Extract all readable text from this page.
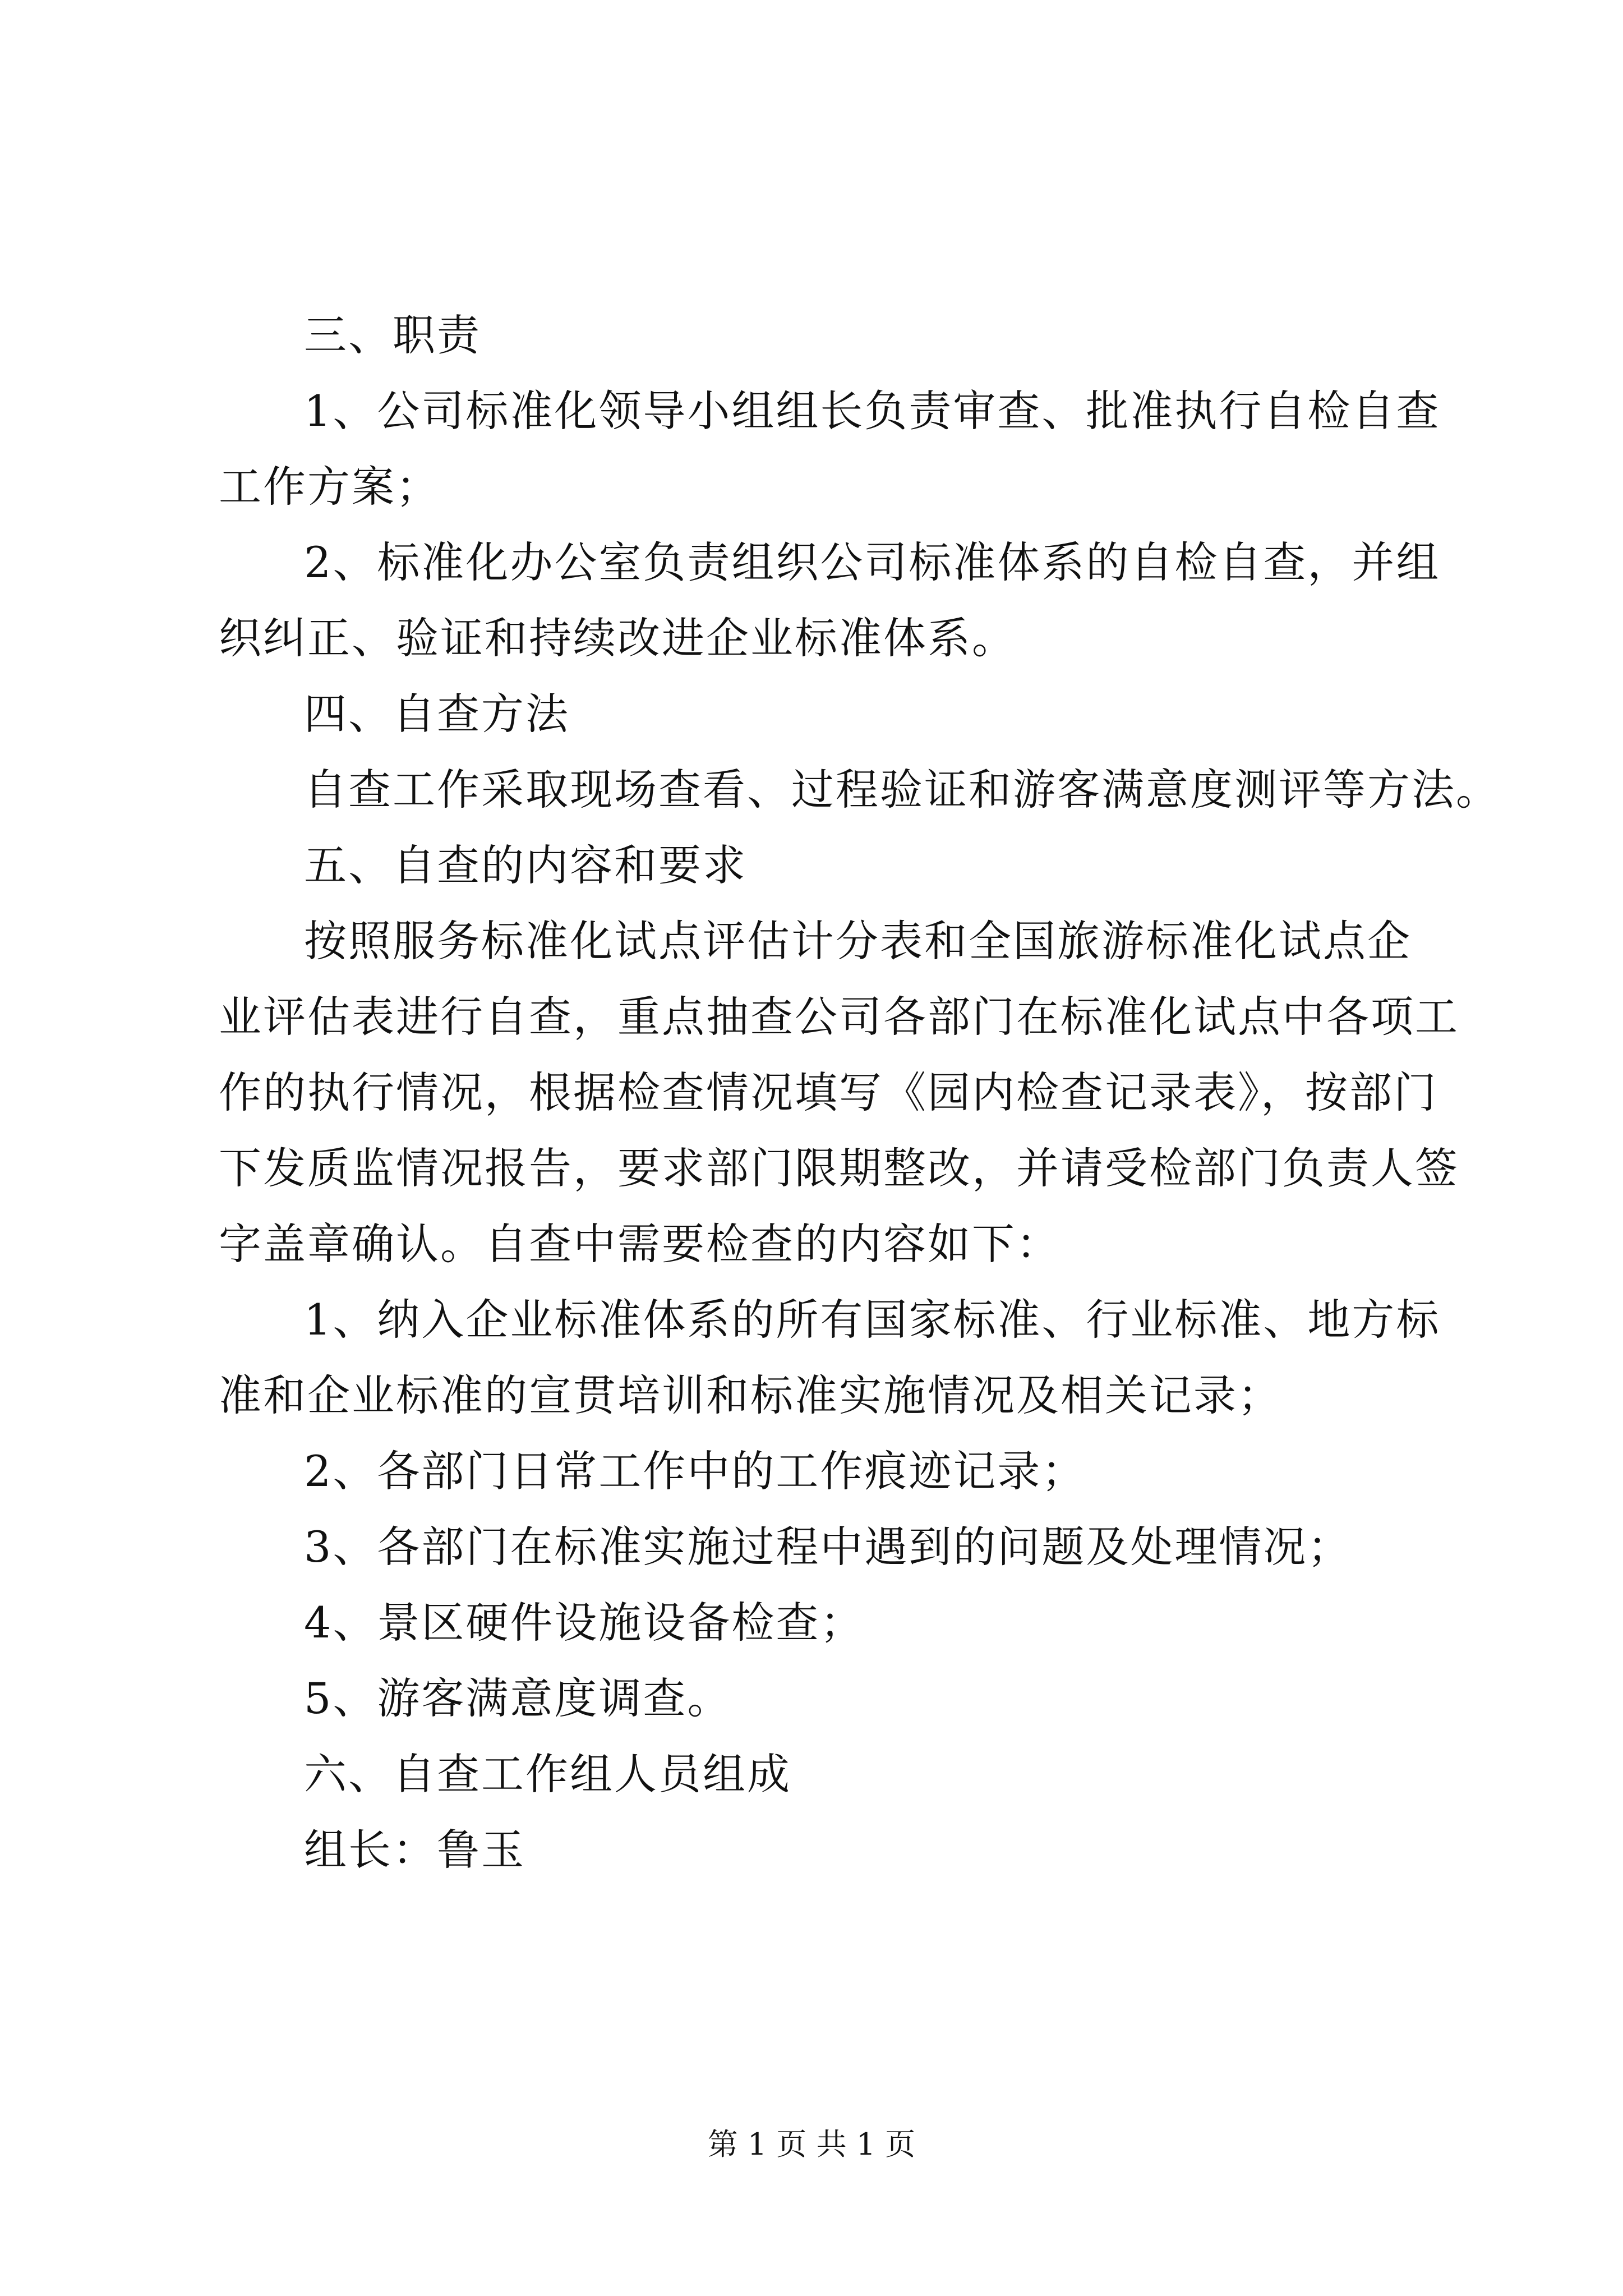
三、职责
1、公司标准化领导小组组长负责审查、批准执行自检自查
工作方案；
2、标准化办公室负责组织公司标准体系的自检自查，并组
织纠正、验证和持续改进企业标准体系。
四、自查方法
自查工作采取现场查看、过程验证和游客满意度测评等方法。
五、自查的内容和要求
按照服务标准化试点评估计分表和全国旅游标准化试点企
业评估表进行自查，重点抽查公司各部门在标准化试点中各项工
作的执行情况，根据检查情况填写《园内检查记录表》，按部门
下发质监情况报告，要求部门限期整改，并请受检部门负责人签
字盖章确认。自查中需要检查的内容如下：
1、纳入企业标准体系的所有国家标准、行业标准、地方标
准和企业标准的宣贯培训和标准实施情况及相关记录；
2、各部门日常工作中的工作痕迹记录；
3、各部门在标准实施过程中遇到的问题及处理情况；
4、景区硬件设施设备检查；
5、游客满意度调查。
六、自查工作组人员组成
组长：鲁玉
第 1 页 共 1 页
